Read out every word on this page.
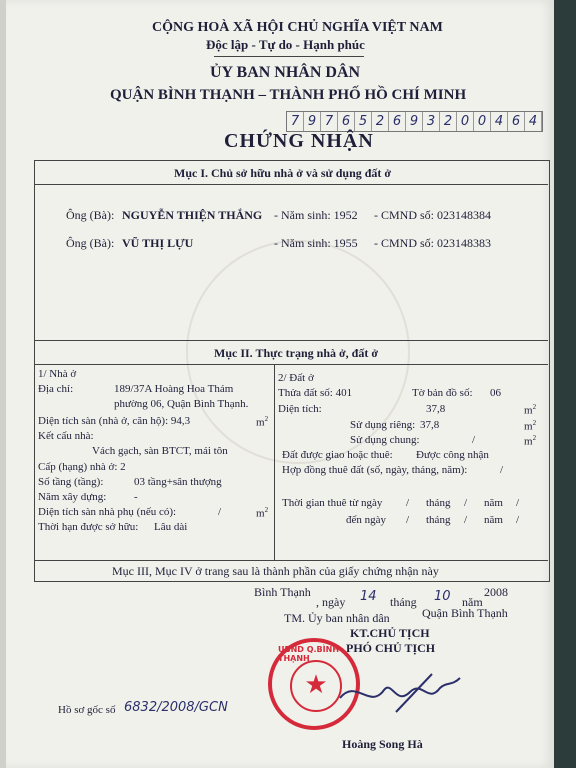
CỘNG HOÀ XÃ HỘI CHỦ NGHĨA VIỆT NAM
Độc lập - Tự do - Hạnh phúc
ỦY BAN NHÂN DÂN
QUẬN BÌNH THẠNH – THÀNH PHỐ HỒ CHÍ MINH
7 9 7 6 5 2 6 9 3 2 0 0 4 6 4
CHỨNG NHẬN
Mục I. Chủ sở hữu nhà ở và sử dụng đất ở
Ông (Bà): NGUYỄN THIỆN THẮNG - Năm sinh: 1952 - CMND số: 023148384
Ông (Bà): VŨ THỊ LỰU	- Năm sinh: 1955 - CMND số: 023148383
Mục II. Thực trạng nhà ở, đất ở
1/ Nhà ở
Địa chỉ:	189/37A Hoàng Hoa Thám
phường 06, Quận Bình Thạnh.
Diện tích sàn (nhà ở, căn hộ): 94,3	$m^2$
Kết cấu nhà:
Vách gạch, sàn BTCT, mái tôn
Cấp (hạng) nhà ở: 2
Số tầng (tầng):	03 tầng+sân thượng
Năm xây dựng:	-
Diện tích sàn nhà phụ (nếu có):	/	$m^2$
Thời hạn được sở hữu: Lâu dài
2/ Đất ở
Thửa đất số: 401	Tờ bản đồ số: 06
Diện tích:	37,8	$m^2$
Sử dụng riêng: 37,8	$m^2$
Sử dụng chung:	/	$m^2$
Đất được giao hoặc thuê: Được công nhận
Hợp đồng thuê đất (số, ngày, tháng, năm):	/
Thời gian thuê từ ngày / tháng / năm /
đến ngày / tháng / năm /
Mục III, Mục IV ở trang sau là thành phần của giấy chứng nhận này
Bình Thạnh
, ngày 14 tháng 10 năm
2008
TM. Ủy ban nhân dân	Quận Bình Thạnh
KT.CHỦ TỊCH
PHÓ CHỦ TỊCH
UBND Q.BÌNH THẠNH
★
Hoàng Song Hà
Hồ sơ gốc số 6832/2008/GCN
